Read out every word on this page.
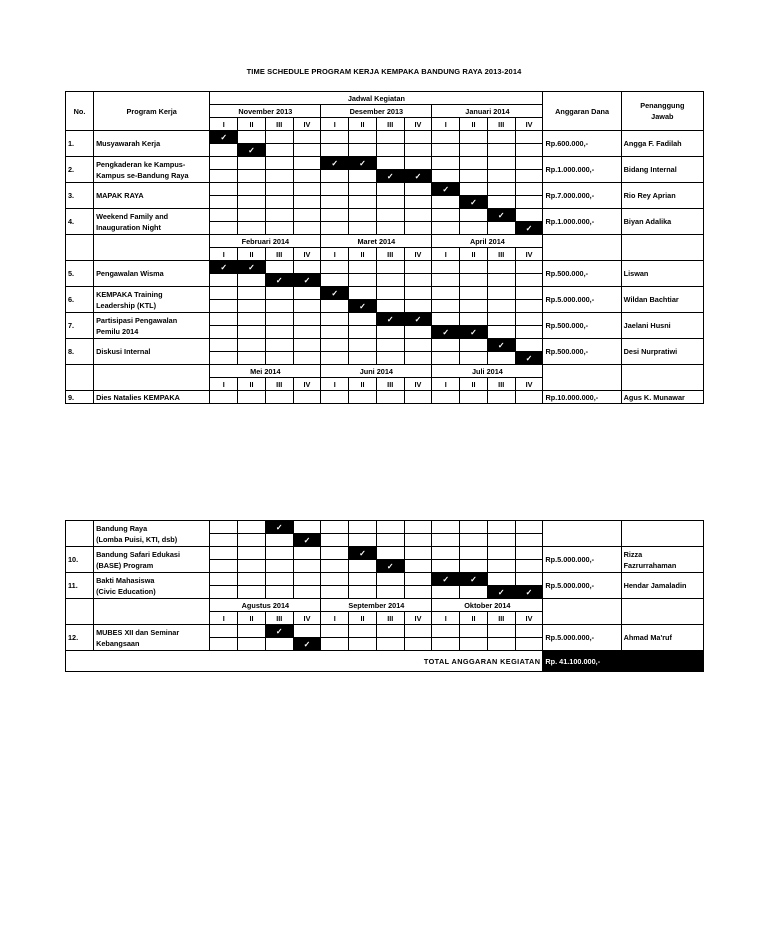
TIME SCHEDULE PROGRAM KERJA KEMPAKA BANDUNG RAYA 2013-2014
No.	Program Kerja	Jadwal Kegiatan												Anggaran Dana	Penanggung
Jawab
		November 2013				Desember 2013				Januari 2014					
		I	II	III	IV	I	II	III	IV	I	II	III	IV		
1.	Musyawarah Kerja	✓												Rp.600.000,-	Angga F. Fadilah
			✓												
2.	Pengkaderan ke Kampus-
Kampus se-Bandung Raya					✓	✓							Rp.1.000.000,-	Bidang Internal
								✓	✓						
3.	MAPAK RAYA									✓				Rp.7.000.000,-	Rio Rey Aprian
											✓				
4.	Weekend Family and
Inauguration Night											✓		Rp.1.000.000,-	Biyan Adalika
													✓		
		Februari 2014				Maret 2014				April 2014					
		I	II	III	IV	I	II	III	IV	I	II	III	IV		
5.	Pengawalan Wisma	✓	✓											Rp.500.000,-	Liswan
				✓	✓										
6.	KEMPAKA Training
Leadership (KTL)					✓								Rp.5.000.000,-	Wildan Bachtiar
							✓								
7.	Partisipasi Pengawalan
Pemilu 2014							✓	✓					Rp.500.000,-	Jaelani Husni
										✓	✓				
8.	Diskusi Internal											✓		Rp.500.000,-	Desi Nurpratiwi
													✓		
		Mei 2014				Juni 2014				Juli 2014					
		I	II	III	IV	I	II	III	IV	I	II	III	IV		
9.	Dies Natalies KEMPAKA													Rp.10.000.000,-	Agus K. Munawar
	Bandung Raya
(Lomba Puisi, KTI, dsb)			✓											
					✓										
10.	Bandung Safari Edukasi
(BASE) Program						✓							Rp.5.000.000,-	Rizza
Fazrurrahaman
								✓							
11.	Bakti Mahasiswa
(Civic Education)									✓	✓			Rp.5.000.000,-	Hendar Jamaladin
												✓	✓		
		Agustus 2014				September 2014				Oktober 2014					
		I	II	III	IV	I	II	III	IV	I	II	III	IV		
12.	MUBES XII dan Seminar
Kebangsaan			✓										Rp.5.000.000,-	Ahmad Ma'ruf
					✓										
TOTAL ANGGARAN KEGIATAN														Rp. 41.100.000,-	
